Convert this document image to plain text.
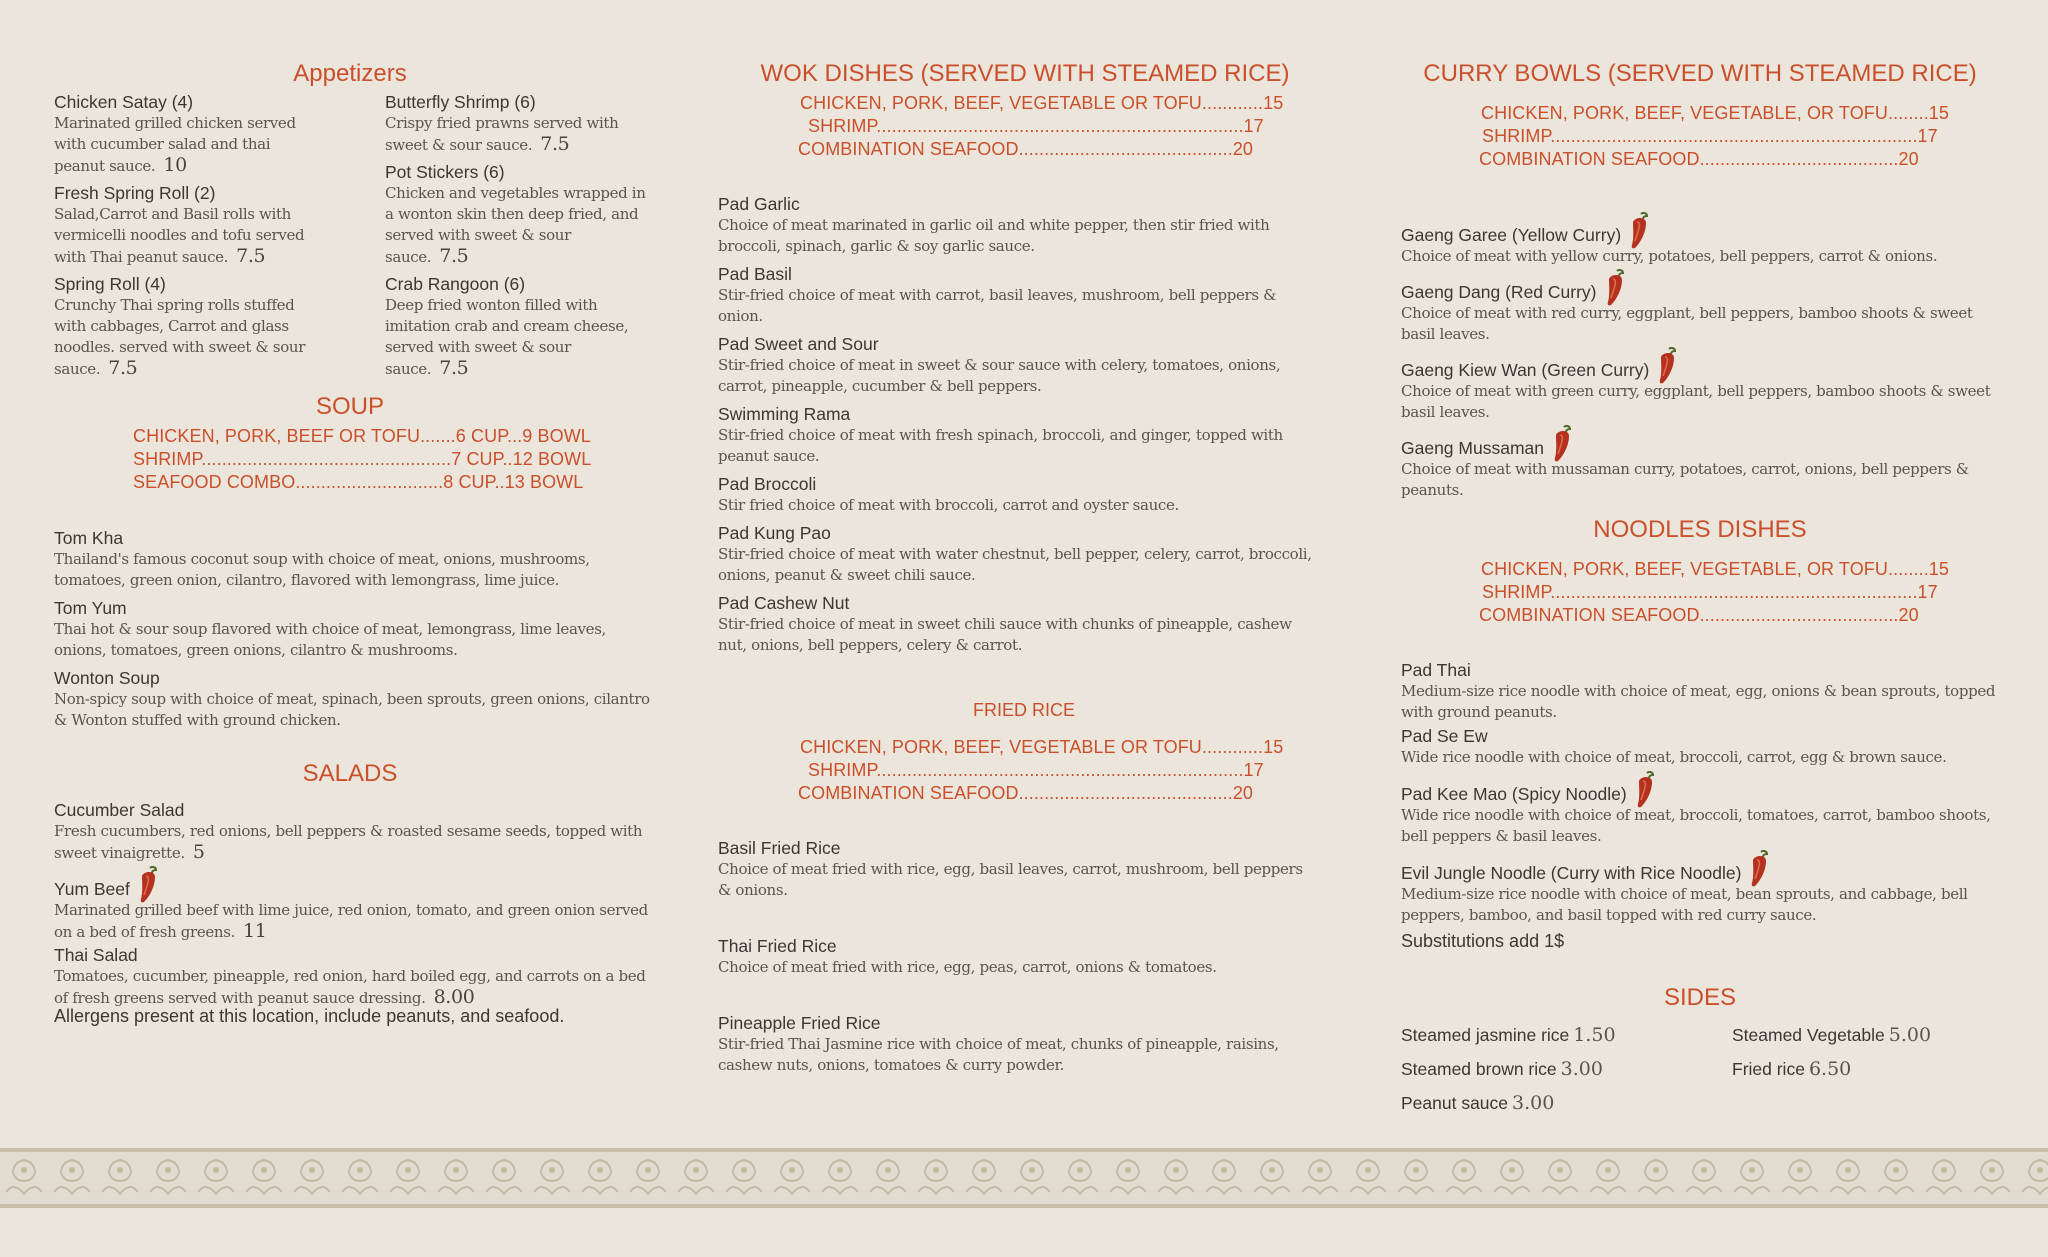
Appetizers
Chicken Satay (4)
Marinated grilled chicken served with cucumber salad and thai peanut sauce. 10
Fresh Spring Roll (2)
Salad,Carrot and Basil rolls with vermicelli noodles and tofu served with Thai peanut sauce. 7.5
Spring Roll (4)
Crunchy Thai spring rolls stuffed with cabbages, Carrot and glass noodles. served with sweet & sour sauce. 7.5
Butterfly Shrimp (6)
Crispy fried prawns served with sweet & sour sauce. 7.5
Pot Stickers (6)
Chicken and vegetables wrapped in a wonton skin then deep fried, and served with sweet & sour sauce. 7.5
Crab Rangoon (6)
Deep fried wonton filled with imitation crab and cream cheese, served with sweet & sour sauce. 7.5
SOUP
CHICKEN, PORK, BEEF OR TOFU.......6 CUP...9 BOWL
SHRIMP.................................................7 CUP..12 BOWL
SEAFOOD COMBO.............................8 CUP..13 BOWL
Tom Kha
Thailand's famous coconut soup with choice of meat, onions, mushrooms, tomatoes, green onion, cilantro, flavored with lemongrass, lime juice.
Tom Yum
Thai hot & sour soup flavored with choice of meat, lemongrass, lime leaves, onions, tomatoes, green onions, cilantro & mushrooms.
Wonton Soup
Non-spicy soup with choice of meat, spinach, been sprouts, green onions, cilantro & Wonton stuffed with ground chicken.
SALADS
Cucumber Salad
Fresh cucumbers, red onions, bell peppers & roasted sesame seeds, topped with sweet vinaigrette. 5
Yum Beef
Marinated grilled beef with lime juice, red onion, tomato, and green onion served on a bed of fresh greens. 11
Thai Salad
Tomatoes, cucumber, pineapple, red onion, hard boiled egg, and carrots on a bed of fresh greens served with peanut sauce dressing. 8.00
Allergens present at this location, include peanuts, and seafood.
WOK DISHES (SERVED WITH STEAMED RICE)
CHICKEN, PORK, BEEF, VEGETABLE OR TOFU............15
SHRIMP........................................................................17
COMBINATION SEAFOOD..........................................20
Pad Garlic
Choice of meat marinated in garlic oil and white pepper, then stir fried with broccoli, spinach, garlic & soy garlic sauce.
Pad Basil
Stir-fried choice of meat with carrot, basil leaves, mushroom, bell peppers & onion.
Pad Sweet and Sour
Stir-fried choice of meat in sweet & sour sauce with celery, tomatoes, onions, carrot, pineapple, cucumber & bell peppers.
Swimming Rama
Stir-fried choice of meat with fresh spinach, broccoli, and ginger, topped with peanut sauce.
Pad Broccoli
Stir fried choice of meat with broccoli, carrot and oyster sauce.
Pad Kung Pao
Stir-fried choice of meat with water chestnut, bell pepper, celery, carrot, broccoli, onions, peanut & sweet chili sauce.
Pad Cashew Nut
Stir-fried choice of meat in sweet chili sauce with chunks of pineapple, cashew nut, onions, bell peppers, celery & carrot.
FRIED RICE
CHICKEN, PORK, BEEF, VEGETABLE OR TOFU............15
SHRIMP........................................................................17
COMBINATION SEAFOOD..........................................20
Basil Fried Rice
Choice of meat fried with rice, egg, basil leaves, carrot, mushroom, bell peppers & onions.
Thai Fried Rice
Choice of meat fried with rice, egg, peas, carrot, onions & tomatoes.
Pineapple Fried Rice
Stir-fried Thai Jasmine rice with choice of meat, chunks of pineapple, raisins, cashew nuts, onions, tomatoes & curry powder.
CURRY BOWLS (SERVED WITH STEAMED RICE)
CHICKEN, PORK, BEEF, VEGETABLE, OR TOFU........15
SHRIMP........................................................................17
COMBINATION SEAFOOD.......................................20
Gaeng Garee (Yellow Curry)
Choice of meat with yellow curry, potatoes, bell peppers, carrot & onions.
Gaeng Dang (Red Curry)
Choice of meat with red curry, eggplant, bell peppers, bamboo shoots & sweet basil leaves.
Gaeng Kiew Wan (Green Curry)
Choice of meat with green curry, eggplant, bell peppers, bamboo shoots & sweet basil leaves.
Gaeng Mussaman
Choice of meat with mussaman curry, potatoes, carrot, onions, bell peppers & peanuts.
NOODLES DISHES
CHICKEN, PORK, BEEF, VEGETABLE, OR TOFU........15
SHRIMP........................................................................17
COMBINATION SEAFOOD.......................................20
Pad Thai
Medium-size rice noodle with choice of meat, egg, onions & bean sprouts, topped with ground peanuts.
Pad Se Ew
Wide rice noodle with choice of meat, broccoli, carrot, egg & brown sauce.
Pad Kee Mao (Spicy Noodle)
Wide rice noodle with choice of meat, broccoli, tomatoes, carrot, bamboo shoots, bell peppers & basil leaves.
Evil Jungle Noodle (Curry with Rice Noodle)
Medium-size rice noodle with choice of meat, bean sprouts, and cabbage, bell peppers, bamboo, and basil topped with red curry sauce.
Substitutions add 1$
SIDES
Steamed jasmine rice 1.50	Steamed Vegetable 5.00
Steamed brown rice 3.00	Fried rice 6.50
Peanut sauce 3.00
